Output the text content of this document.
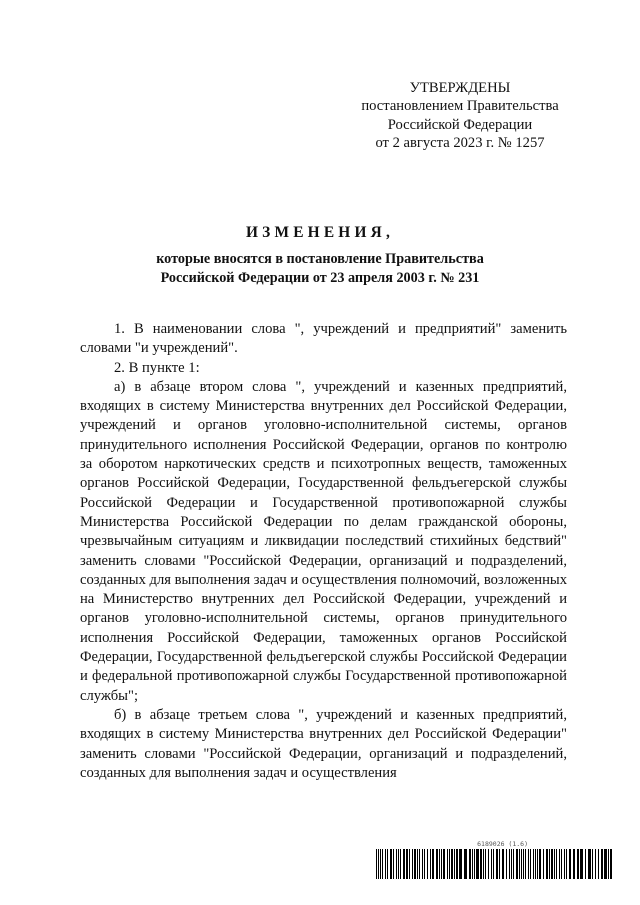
УТВЕРЖДЕНЫ
постановлением Правительства
Российской Федерации
от 2 августа 2023 г. № 1257
ИЗМЕНЕНИЯ,
которые вносятся в постановление Правительства
Российской Федерации от 23 апреля 2003 г. № 231

1. В наименовании слова ", учреждений и предприятий" заменить словами "и учреждений".

2. В пункте 1:

а) в абзаце втором слова ", учреждений и казенных предприятий, входящих в систему Министерства внутренних дел Российской Федерации, учреждений и органов уголовно-исполнительной системы, органов принудительного исполнения Российской Федерации, органов по контролю за оборотом наркотических средств и психотропных веществ, таможенных органов Российской Федерации, Государственной фельдъегерской службы Российской Федерации и Государственной противопожарной службы Министерства Российской Федерации по делам гражданской обороны, чрезвычайным ситуациям и ликвидации последствий стихийных бедствий" заменить словами "Российской Федерации, организаций и подразделений, созданных для выполнения задач и осуществления полномочий, возложенных на Министерство внутренних дел Российской Федерации, учреждений и органов уголовно-исполнительной системы, органов принудительного исполнения Российской Федерации, таможенных органов Российской Федерации, Государственной фельдъегерской службы Российской Федерации и федеральной противопожарной службы Государственной противопожарной службы";

б) в абзаце третьем слова ", учреждений и казенных предприятий, входящих в систему Министерства внутренних дел Российской Федерации" заменить словами "Российской Федерации, организаций и подразделений, созданных для выполнения задач и осуществления

6189026 (1.6)
